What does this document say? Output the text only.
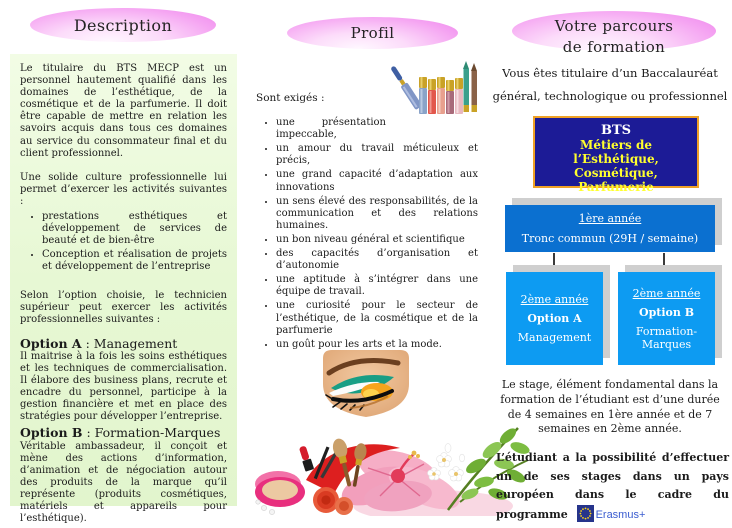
Description

Le titulaire du BTS MECP est un personnel hautement qualifié dans les domaines de l’esthétique, de la cosmétique et de la parfumerie. Il doit être capable de mettre en relation les savoirs acquis dans tous ces domaines au service du consommateur final et du client professionnel.

Une solide culture professionnelle lui permet d’exercer les activités suivantes :

• prestations esthétiques et développement de services de beauté et de bien-être
• Conception et réalisation de projets et développement de l’entreprise

Selon l’option choisie, le technicien supérieur peut exercer les activités professionnelles suivantes :

Option A : Management

Il maitrise à la fois les soins esthétiques et les techniques de commercialisation. Il élabore des business plans, recrute et encadre du personnel, participe à la gestion financière et met en place des stratégies pour développer l’entreprise.

Option B : Formation-Marques

Véritable ambassadeur, il conçoit et mène des actions d’information, d’animation et de négociation autour des produits de la marque qu’il représente (produits cosmétiques, matériels et appareils pour l’esthétique).

Profil

Sont exigés :

• une présentation impeccable,
• un amour du travail méticuleux et précis,
• une grand capacité d’adaptation aux innovations
• un sens élevé des responsabilités, de la communication et des relations humaines.
• un bon niveau général et scientifique
• des capacités d’organisation et d’autonomie
• une aptitude à s’intégrer dans une équipe de travail.
• une curiosité pour le secteur de l’esthétique, de la cosmétique et de la parfumerie
• un goût pour les arts et la mode.
Votre parcours
de formation
Vous êtes titulaire d’un Baccalauréat
général, technologique ou professionnel
BTS
Métiers de l’Esthétique,
Cosmétique, Parfumerie
1ère année
Tronc commun (29H / semaine)
2ème année
Option A
Management
2ème année
Option B
Formation-Marques
Le stage, élément fondamental dans la formation de l’étudiant est d’une durée de 4 semaines en 1ère année et de 7 semaines en 2ème année.
L’étudiant a la possibilité d’effectuer un de ses stages dans un pays européen dans le cadre du programme	Erasmus+
